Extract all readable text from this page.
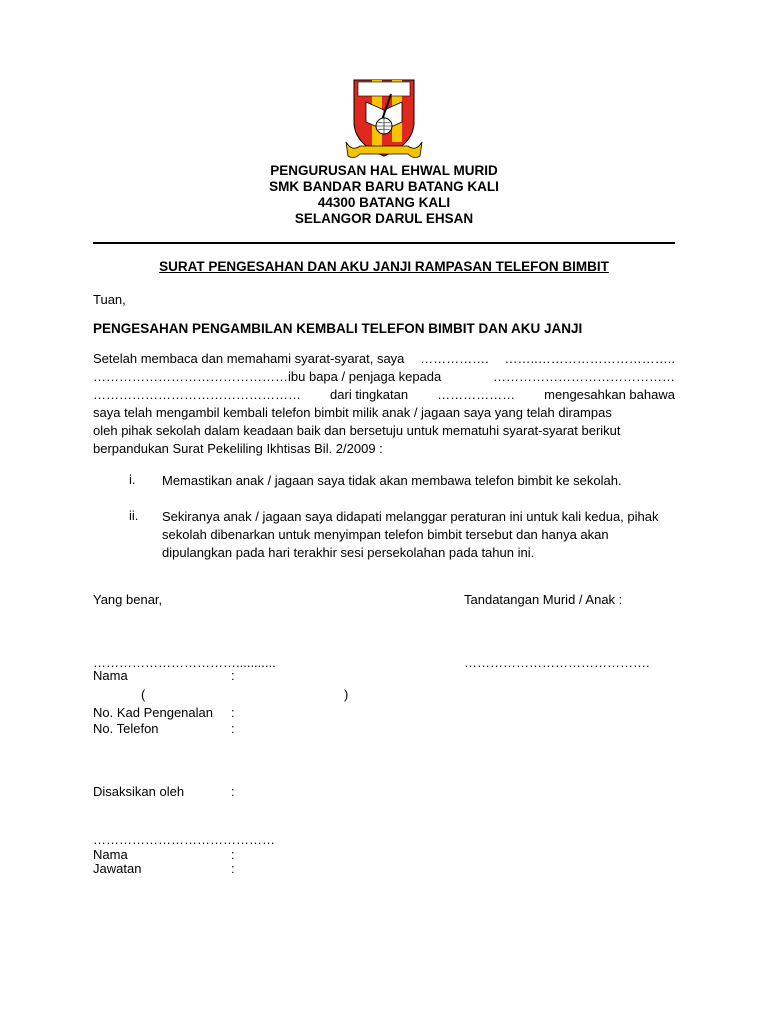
PENGURUSAN HAL EHWAL MURID
SMK BANDAR BARU BATANG KALI
44300 BATANG KALI
SELANGOR DARUL EHSAN
SURAT PENGESAHAN DAN AKU JANJI RAMPASAN TELEFON BIMBIT
Tuan,
PENGESAHAN PENGAMBILAN KEMBALI TELEFON BIMBIT DAN AKU JANJI
Setelah membaca dan memahami syarat-syarat, saya ……………. ……..…………………………..
………………………………………ibu bapa / penjaga kepada	……………………………………
………………………………………… dari tingkatan ……………… mengesahkan bahawa
saya telah mengambil kembali telefon bimbit milik anak / jagaan saya yang telah dirampas
oleh pihak sekolah dalam keadaan baik dan bersetuju untuk mematuhi syarat-syarat berikut
berpandukan Surat Pekeliling Ikhtisas Bil. 2/2009 :
i. Memastikan anak / jagaan saya tidak akan membawa telefon bimbit ke sekolah.
ii. Sekiranya anak / jagaan saya didapati melanggar peraturan ini untuk kali kedua, pihak sekolah dibenarkan untuk menyimpan telefon bimbit tersebut dan hanya akan dipulangkan pada hari terakhir sesi persekolahan pada tahun ini.
Yang benar,	Tandatangan Murid / Anak :
……………………………...........	…………………………………….
Nama	:
(	)
No. Kad Pengenalan :
No. Telefon	:
Disaksikan oleh	:
……………………………………
Nama	:
Jawatan	:
